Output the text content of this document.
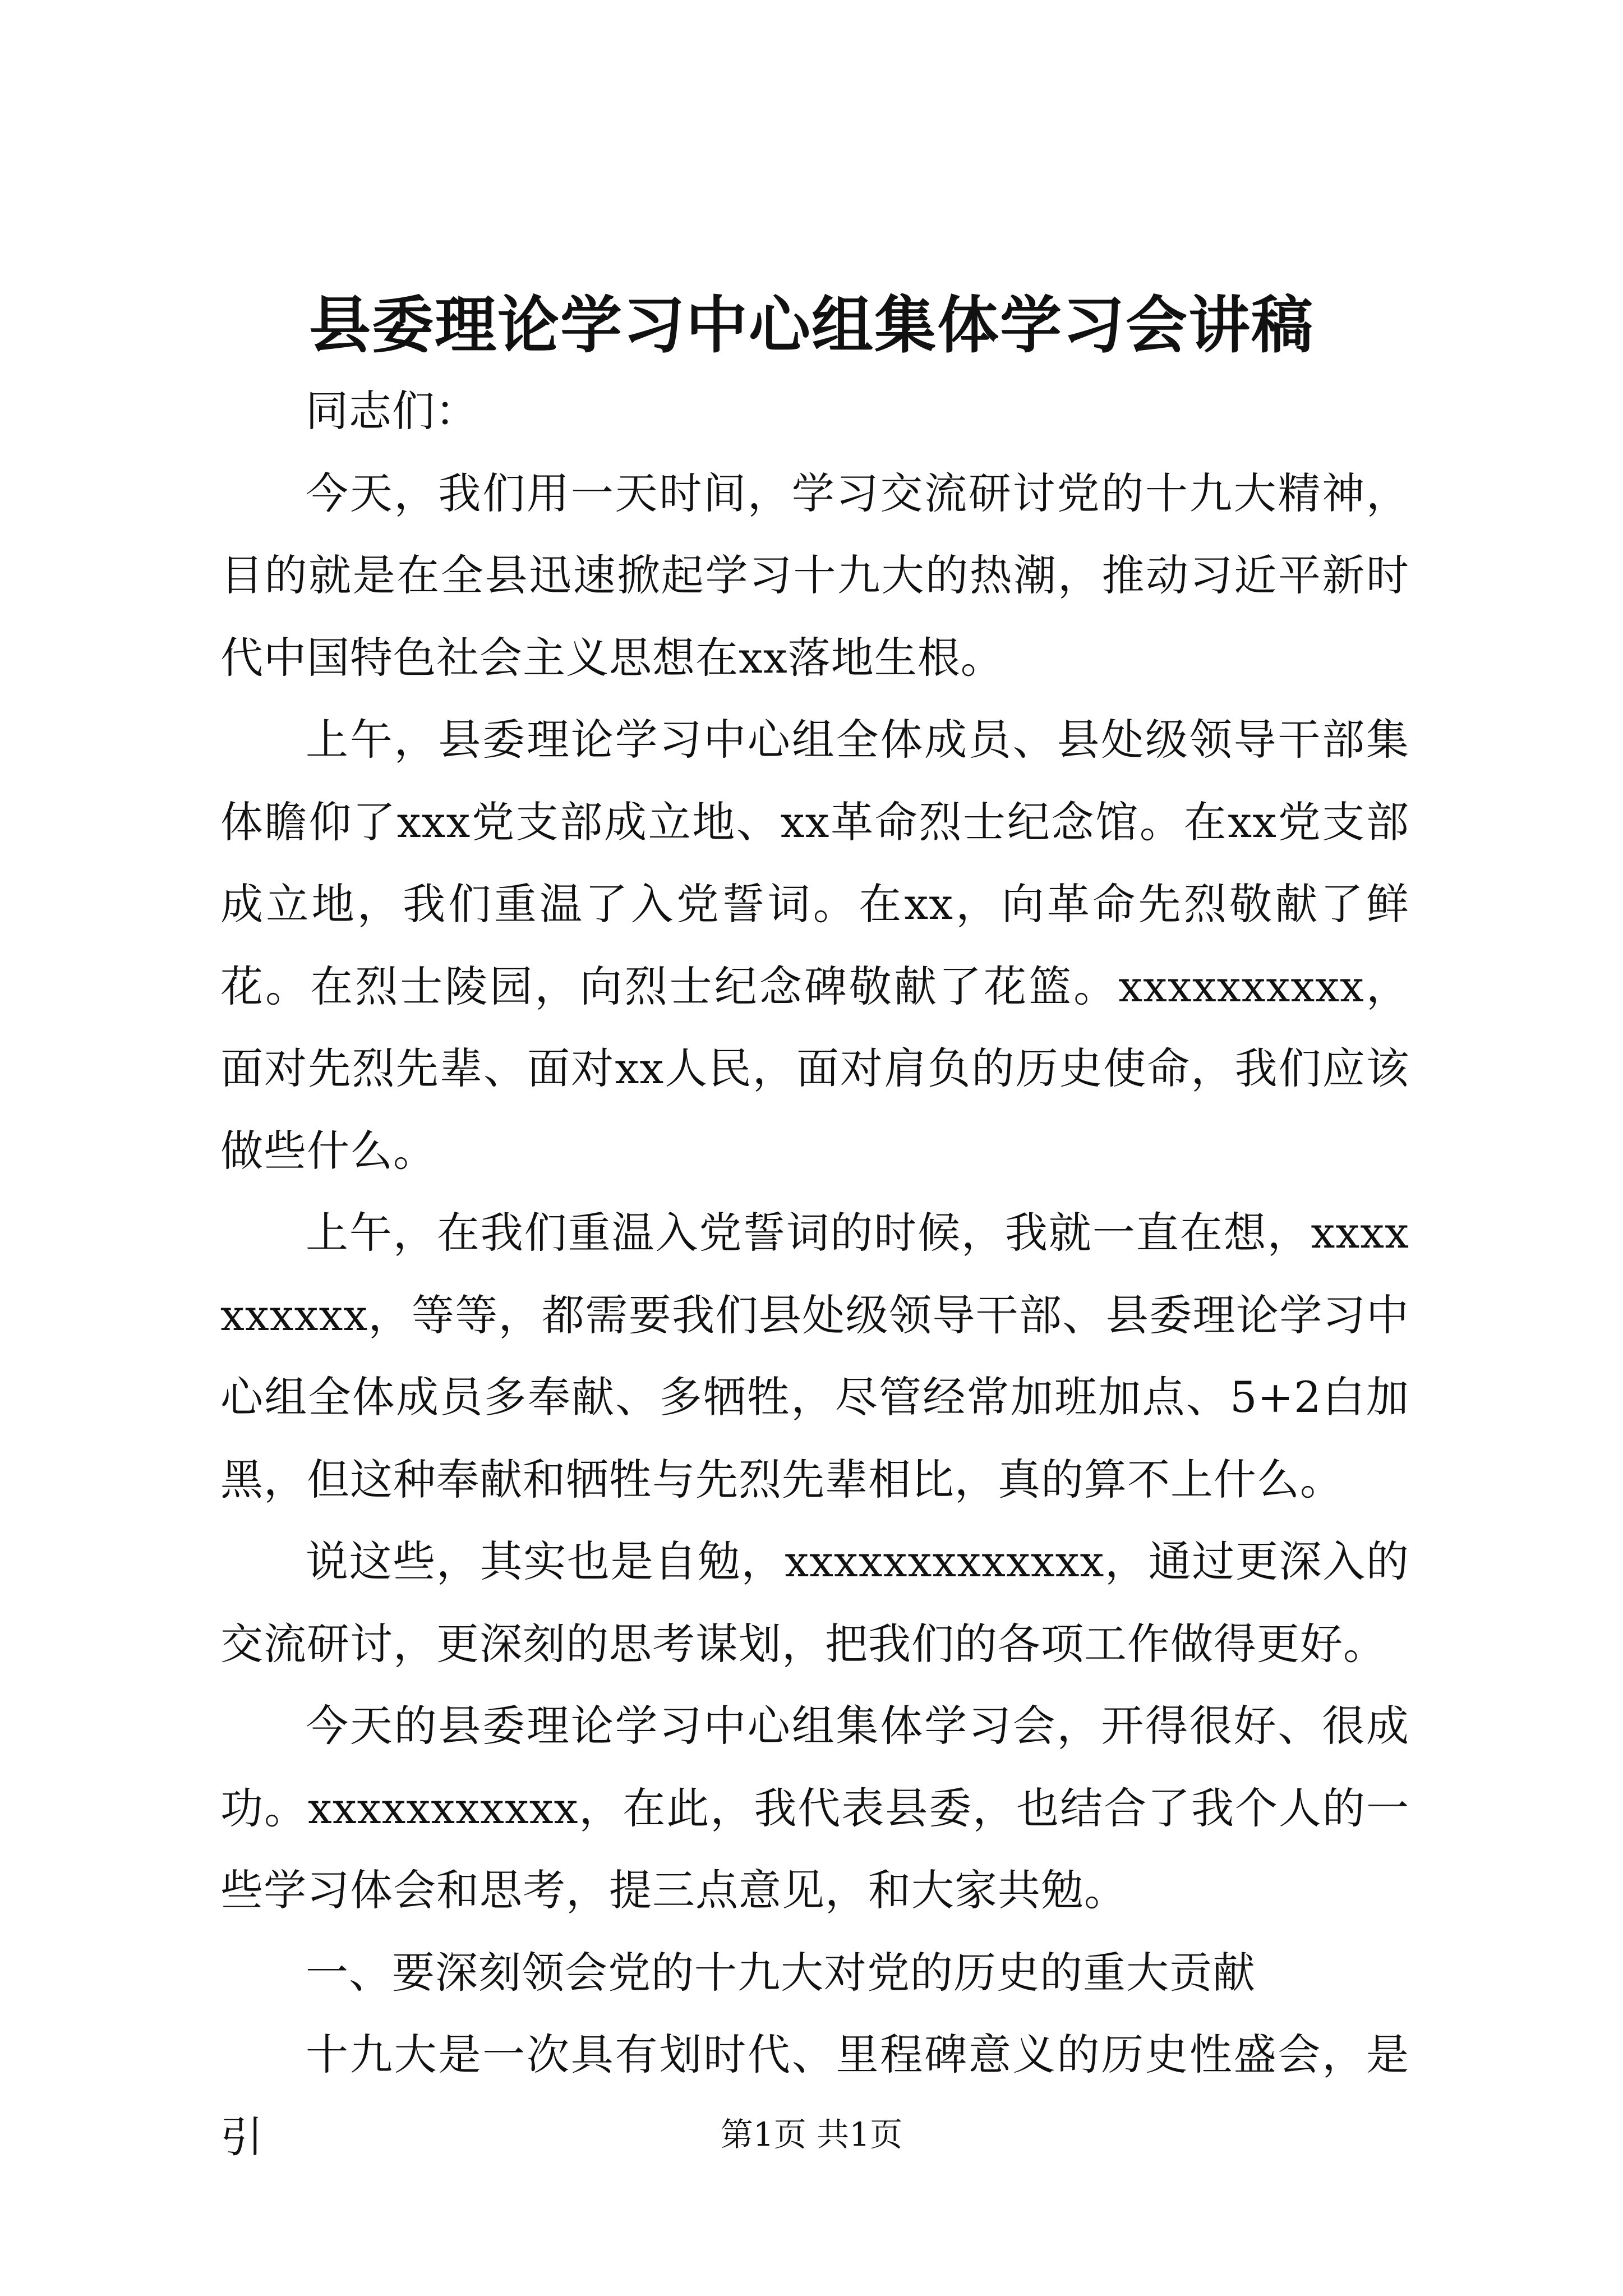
县委理论学习中心组集体学习会讲稿

同志们：

今天，我们用一天时间，学习交流研讨党的十九大精神，目的就是在全县迅速掀起学习十九大的热潮，推动习近平新时代中国特色社会主义思想在xx落地生根。

上午，县委理论学习中心组全体成员、县处级领导干部集体瞻仰了xxx党支部成立地、xx革命烈士纪念馆。在xx党支部成立地，我们重温了入党誓词。在xx，向革命先烈敬献了鲜花。在烈士陵园，向烈士纪念碑敬献了花篮。xxxxxxxxxx，面对先烈先辈、面对xx人民，面对肩负的历史使命，我们应该做些什么。

上午，在我们重温入党誓词的时候，我就一直在想，xxxxxxxxxx，等等，都需要我们县处级领导干部、县委理论学习中心组全体成员多奉献、多牺牲，尽管经常加班加点、5+2白加黑，但这种奉献和牺牲与先烈先辈相比，真的算不上什么。

说这些，其实也是自勉，xxxxxxxxxxxxx，通过更深入的交流研讨，更深刻的思考谋划，把我们的各项工作做得更好。

今天的县委理论学习中心组集体学习会，开得很好、很成功。xxxxxxxxxxx，在此，我代表县委，也结合了我个人的一些学习体会和思考，提三点意见，和大家共勉。

一、要深刻领会党的十九大对党的历史的重大贡献

十九大是一次具有划时代、里程碑意义的历史性盛会，是引	第1页 共1页
